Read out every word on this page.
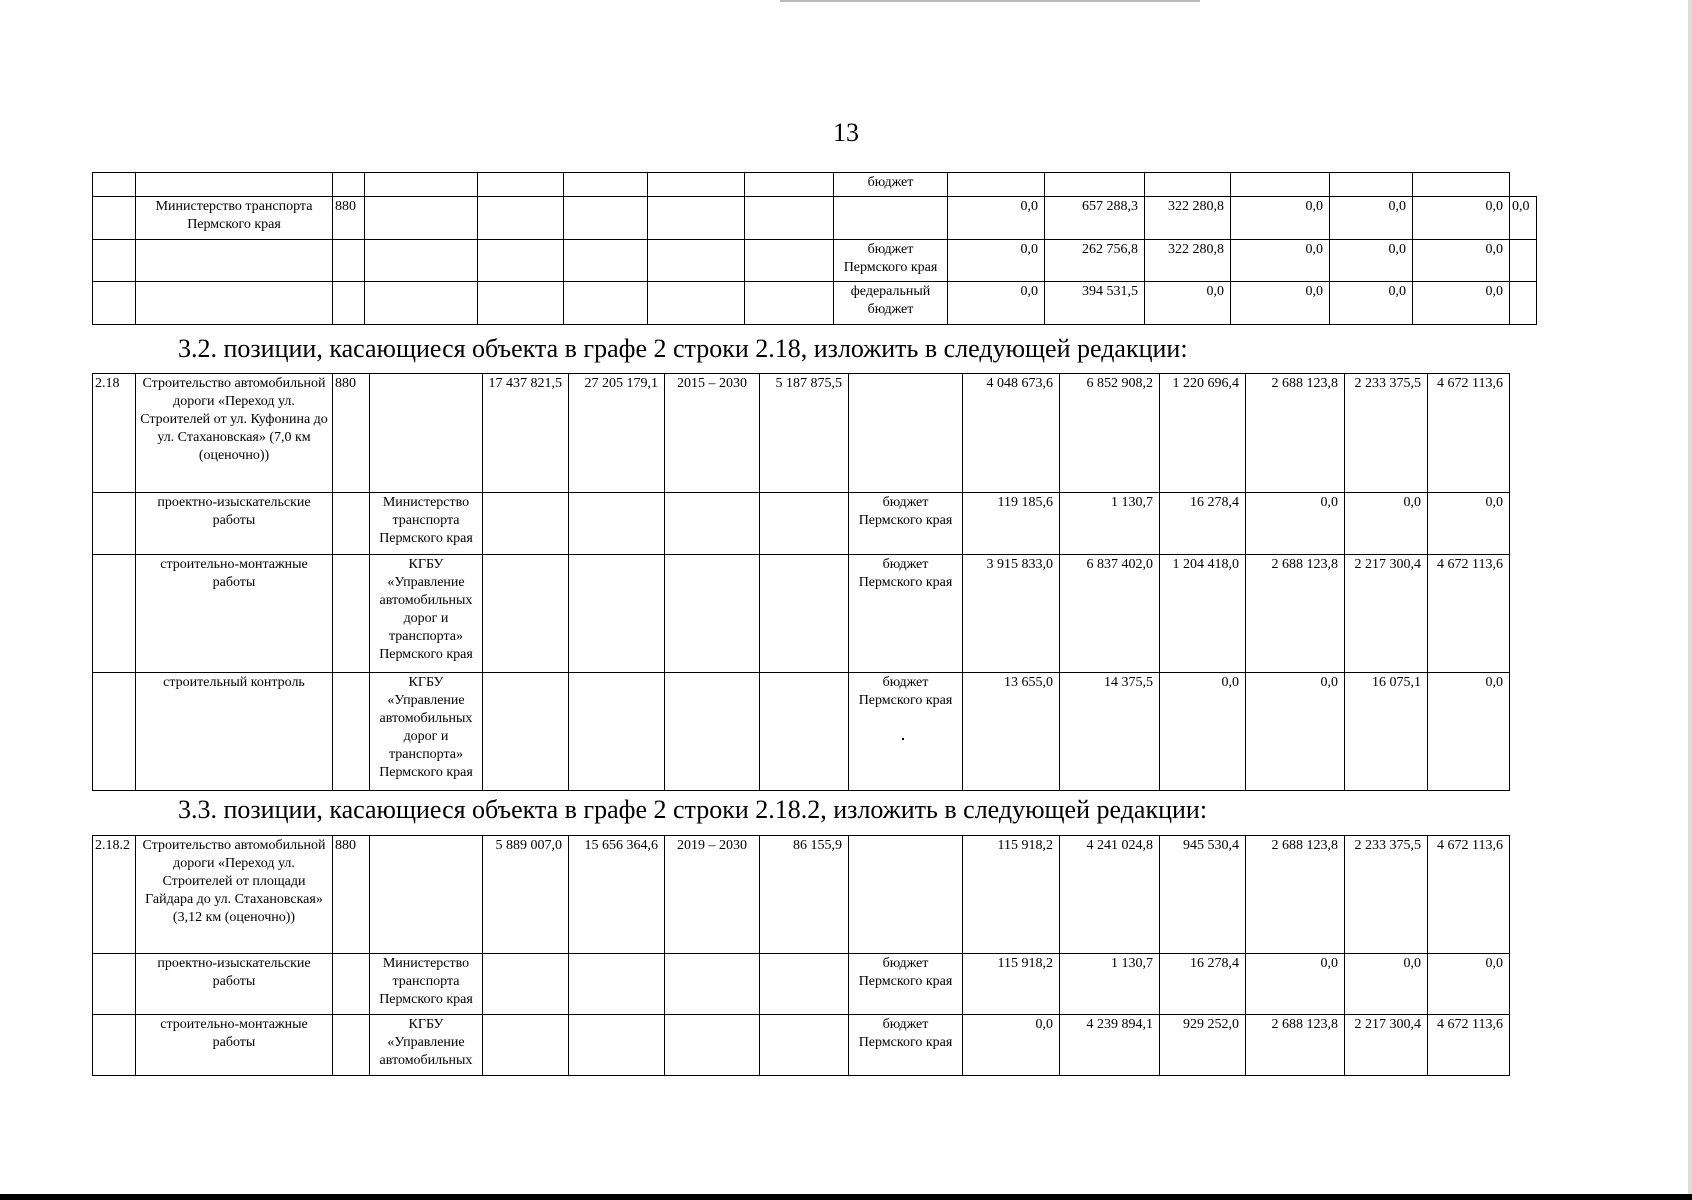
13
								бюджет							
	Министерство транспорта Пермского края	880							0,0	657 288,3	322 280,8	0,0	0,0	0,0	0,0
								бюджет Пермского края	0,0	262 756,8	322 280,8	0,0	0,0	0,0	
								федеральный бюджет	0,0	394 531,5	0,0	0,0	0,0	0,0	
3.2. позиции, касающиеся объекта в графе 2 строки 2.18, изложить в следующей редакции:
2.18	Строительство автомобильной дороги «Переход ул. Строителей от ул. Куфонина до ул. Стахановская» (7,0 км (оценочно))	880		17 437 821,5	27 205 179,1	2015 – 2030	5 187 875,5		4 048 673,6	6 852 908,2	1 220 696,4	2 688 123,8	2 233 375,5	4 672 113,6
	проектно-изыскательские работы		Министерство транспорта Пермского края					бюджет Пермского края	119 185,6	1 130,7	16 278,4	0,0	0,0	0,0
	строительно-монтажные работы		КГБУ «Управление автомобильных дорог и транспорта» Пермского края					бюджет Пермского края	3 915 833,0	6 837 402,0	1 204 418,0	2 688 123,8	2 217 300,4	4 672 113,6
	строительный контроль		КГБУ «Управление автомобильных дорог и транспорта» Пермского края					бюджет Пермского края	13 655,0	14 375,5	0,0	0,0	16 075,1	0,0
3.3. позиции, касающиеся объекта в графе 2 строки 2.18.2, изложить в следующей редакции:
2.18.2	Строительство автомобильной дороги «Переход ул. Строителей от площади Гайдара до ул. Стахановская» (3,12 км (оценочно))	880		5 889 007,0	15 656 364,6	2019 – 2030	86 155,9		115 918,2	4 241 024,8	945 530,4	2 688 123,8	2 233 375,5	4 672 113,6
	проектно-изыскательские работы		Министерство транспорта Пермского края					бюджет Пермского края	115 918,2	1 130,7	16 278,4	0,0	0,0	0,0
	строительно-монтажные работы		КГБУ «Управление автомобильных					бюджет Пермского края	0,0	4 239 894,1	929 252,0	2 688 123,8	2 217 300,4	4 672 113,6
